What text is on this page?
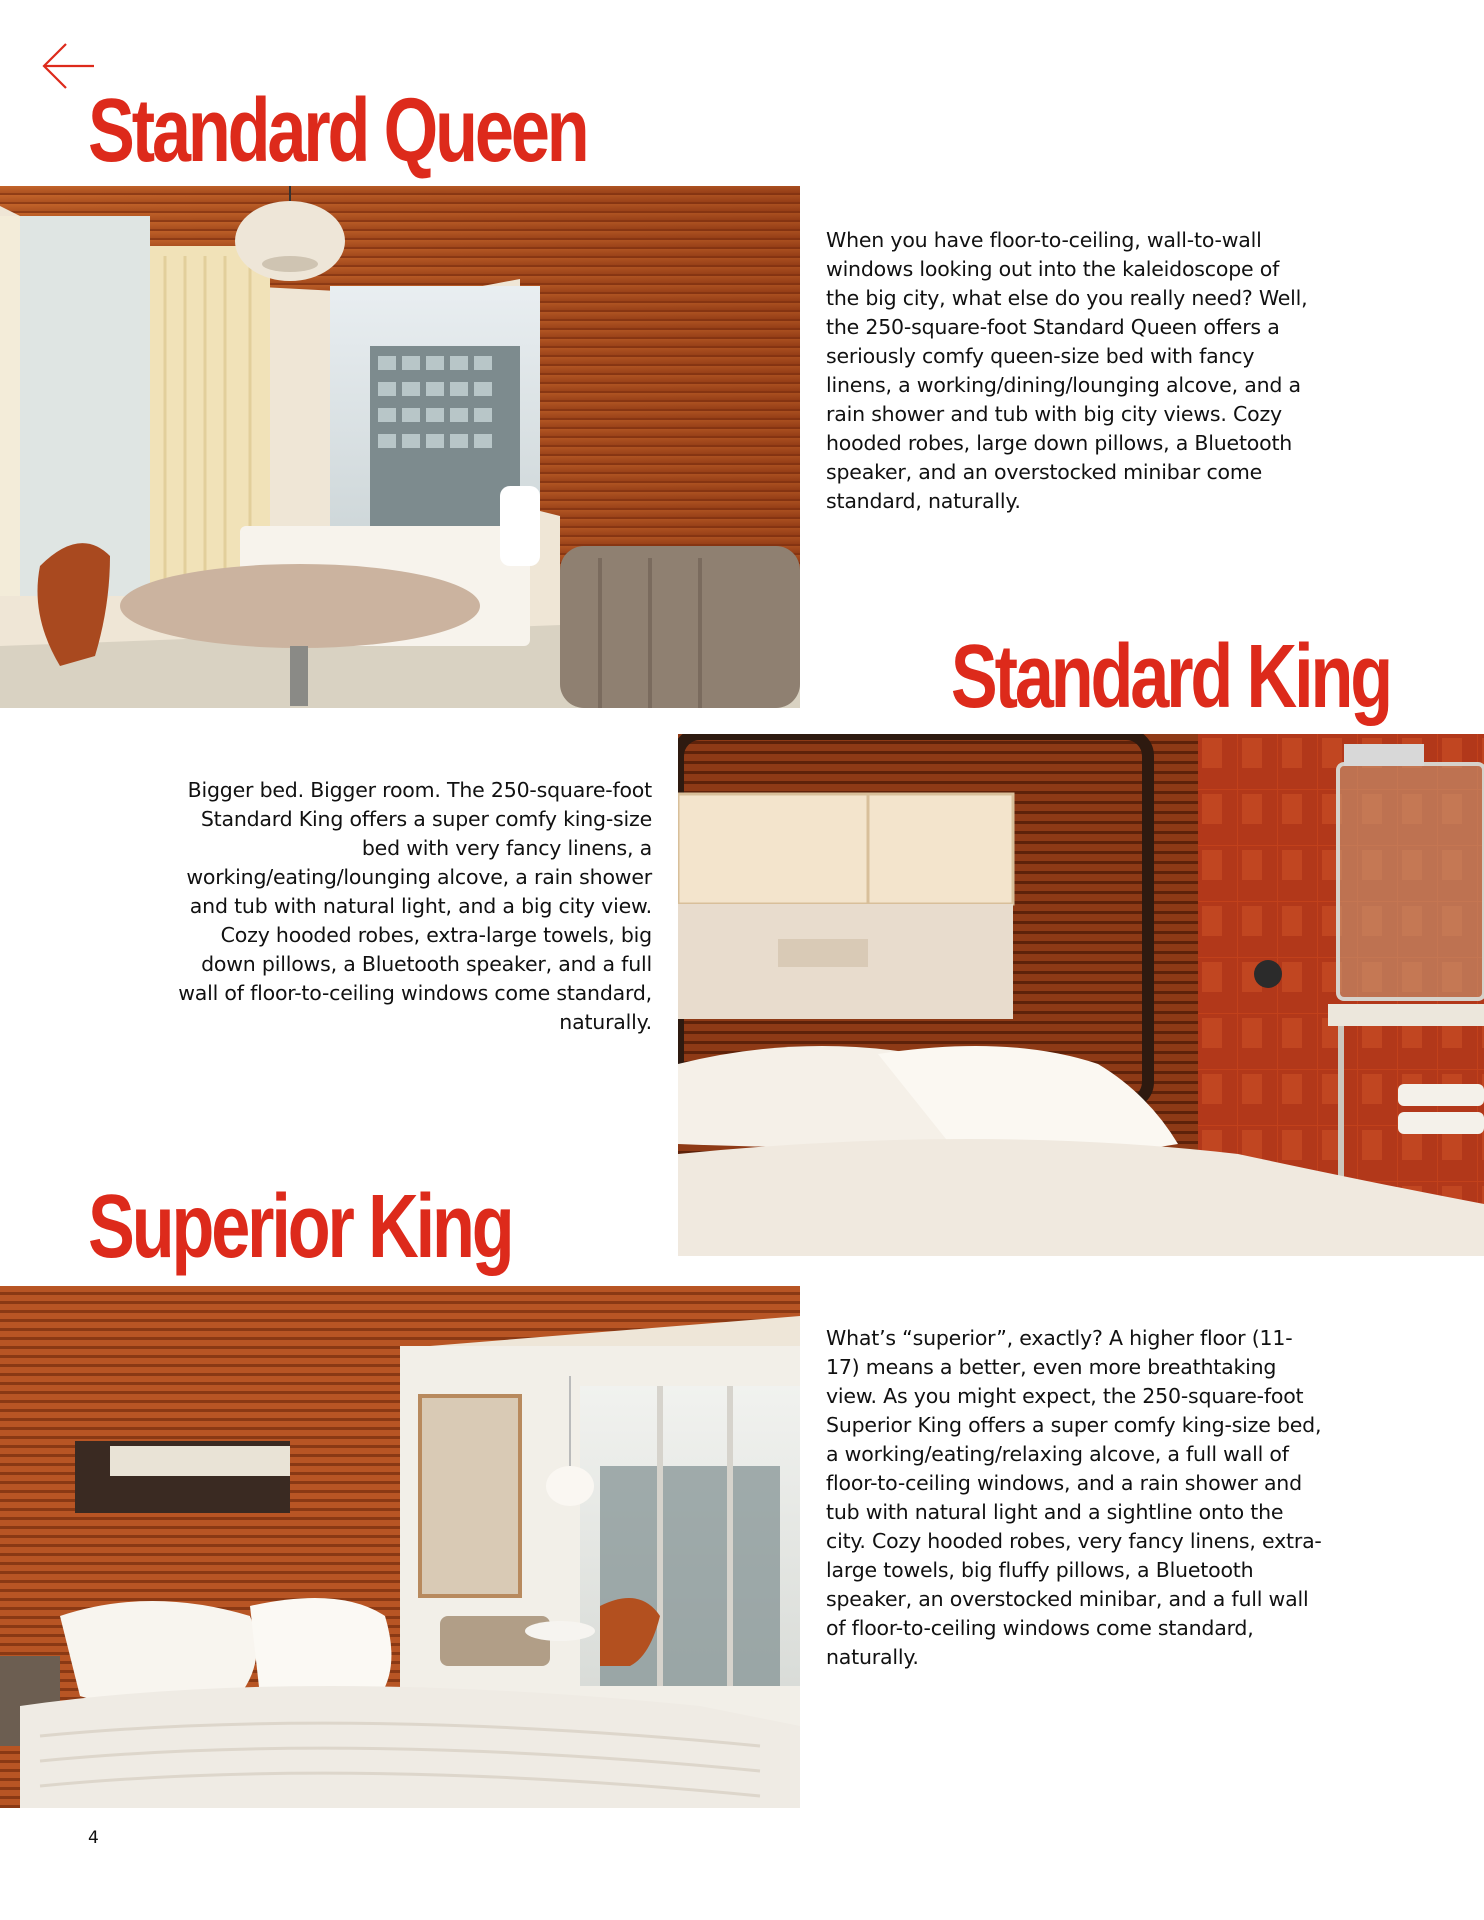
Standard Queen

When you have floor-to-ceiling, wall-to-wall windows looking out into the kaleidoscope of the big city, what else do you really need? Well, the 250-square-foot Standard Queen offers a seriously comfy queen-size bed with fancy linens, a working/dining/lounging alcove, and a rain shower and tub with big city views. Cozy hooded robes, large down pillows, a Bluetooth speaker, and an overstocked minibar come standard, naturally.

Standard King

Bigger bed. Bigger room. The 250-square-foot Standard King offers a super comfy king-size bed with very fancy linens, a working/eating/lounging alcove, a rain shower and tub with natural light, and a big city view. Cozy hooded robes, extra-large towels, big down pillows, a Bluetooth speaker, and a full wall of floor-to-ceiling windows come standard, naturally.

Superior King

What’s “superior”, exactly? A higher floor (11-17) means a better, even more breathtaking view. As you might expect, the 250-square-foot Superior King offers a super comfy king-size bed, a working/eating/relaxing alcove, a full wall of floor-to-ceiling windows, and a rain shower and tub with natural light and a sightline onto the city. Cozy hooded robes, very fancy linens, extra-large towels, big fluffy pillows, a Bluetooth speaker, an overstocked minibar, and a full wall of floor-to-ceiling windows come standard, naturally.

4
